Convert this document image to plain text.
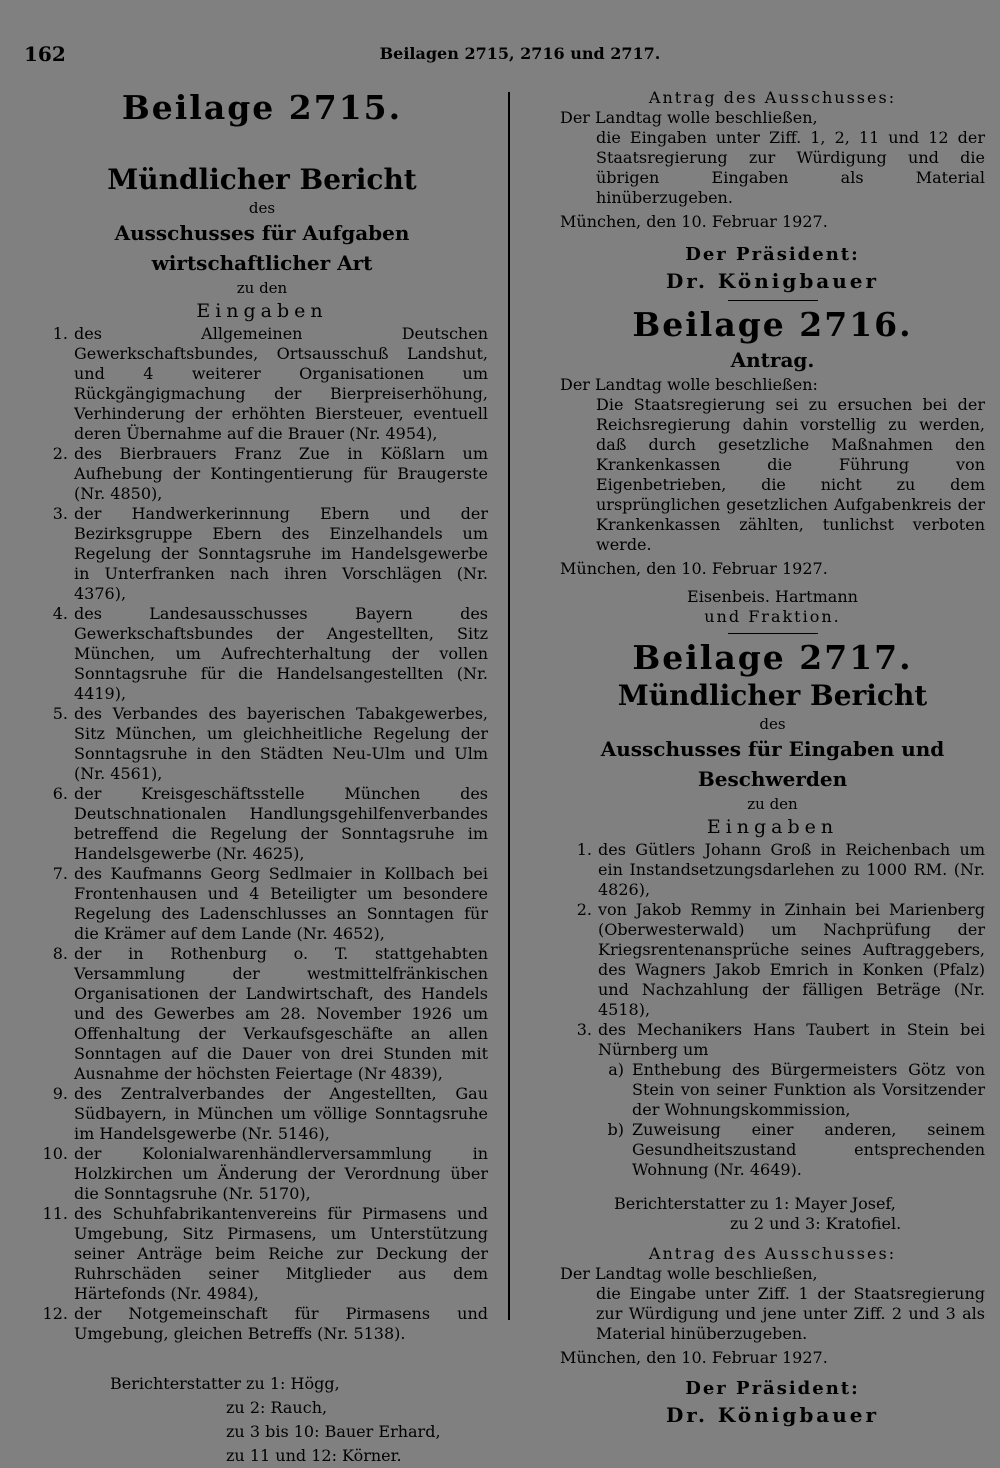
162	Beilagen 2715, 2716 und 2717.
Beilage 2715.
Mündlicher Bericht

des

Ausschusses für Aufgaben wirtschaftlicher Art

zu den

Eingaben

1. des Allgemeinen Deutschen Gewerkschaftsbundes, Ortsausschuß Landshut, und 4 weiterer Organisationen um Rückgängigmachung der Bierpreiserhöhung, Verhinderung der erhöhten Biersteuer, eventuell deren Übernahme auf die Brauer (Nr. 4954),
2. des Bierbrauers Franz Zue in Kößlarn um Aufhebung der Kontingentierung für Braugerste (Nr. 4850),
3. der Handwerkerinnung Ebern und der Bezirksgruppe Ebern des Einzelhandels um Regelung der Sonntagsruhe im Handelsgewerbe in Unterfranken nach ihren Vorschlägen (Nr. 4376),
4. des Landesausschusses Bayern des Gewerkschaftsbundes der Angestellten, Sitz München, um Aufrechterhaltung der vollen Sonntagsruhe für die Handelsangestellten (Nr. 4419),
5. des Verbandes des bayerischen Tabakgewerbes, Sitz München, um gleichheitliche Regelung der Sonntagsruhe in den Städten Neu-Ulm und Ulm (Nr. 4561),
6. der Kreisgeschäftsstelle München des Deutschnationalen Handlungsgehilfenverbandes betreffend die Regelung der Sonntagsruhe im Handelsgewerbe (Nr. 4625),
7. des Kaufmanns Georg Sedlmaier in Kollbach bei Frontenhausen und 4 Beteiligter um besondere Regelung des Ladenschlusses an Sonntagen für die Krämer auf dem Lande (Nr. 4652),
8. der in Rothenburg o. T. stattgehabten Versammlung der westmittelfränkischen Organisationen der Landwirtschaft, des Handels und des Gewerbes am 28. November 1926 um Offenhaltung der Verkaufsgeschäfte an allen Sonntagen auf die Dauer von drei Stunden mit Ausnahme der höchsten Feiertage (Nr 4839),
9. des Zentralverbandes der Angestellten, Gau Südbayern, in München um völlige Sonntagsruhe im Handelsgewerbe (Nr. 5146),
10. der Kolonialwarenhändlerversammlung in Holzkirchen um Änderung der Verordnung über die Sonntagsruhe (Nr. 5170),
11. des Schuhfabrikantenvereins für Pirmasens und Umgebung, Sitz Pirmasens, um Unterstützung seiner Anträge beim Reiche zur Deckung der Ruhrschäden seiner Mitglieder aus dem Härtefonds (Nr. 4984),
12. der Notgemeinschaft für Pirmasens und Umgebung, gleichen Betreffs (Nr. 5138).
Berichterstatter zu 1: Högg,
zu 2: Rauch,
zu 3 bis 10: Bauer Erhard,
zu 11 und 12: Körner.

Antrag des Ausschusses:

Der Landtag wolle beschließen,

die Eingaben unter Ziff. 1, 2, 11 und 12 der Staatsregierung zur Würdigung und die übrigen Eingaben als Material hinüberzugeben.

München, den 10. Februar 1927.

Der Präsident:

Dr. Königbauer

Beilage 2716.

Antrag.

Der Landtag wolle beschließen:

Die Staatsregierung sei zu ersuchen bei der Reichsregierung dahin vorstellig zu werden, daß durch gesetzliche Maßnahmen den Krankenkassen die Führung von Eigenbetrieben, die nicht zu dem ursprünglichen gesetzlichen Aufgabenkreis der Krankenkassen zählten, tunlichst verboten werde.

München, den 10. Februar 1927.

Eisenbeis. Hartmann

und Fraktion.

Beilage 2717.
Mündlicher Bericht

des

Ausschusses für Eingaben und Beschwerden

zu den

Eingaben

1. des Gütlers Johann Groß in Reichenbach um ein Instandsetzungsdarlehen zu 1000 RM. (Nr. 4826),
2. von Jakob Remmy in Zinhain bei Marienberg (Oberwesterwald) um Nachprüfung der Kriegsrentenansprüche seines Auftraggebers, des Wagners Jakob Emrich in Konken (Pfalz) und Nachzahlung der fälligen Beträge (Nr. 4518),
3. des Mechanikers Hans Taubert in Stein bei Nürnberg um
a) Enthebung des Bürgermeisters Götz von Stein von seiner Funktion als Vorsitzender der Wohnungskommission,
b) Zuweisung einer anderen, seinem Gesundheitszustand entsprechenden Wohnung (Nr. 4649).
Berichterstatter zu 1: Mayer Josef,
zu 2 und 3: Kratofiel.

Antrag des Ausschusses:

Der Landtag wolle beschließen,

die Eingabe unter Ziff. 1 der Staatsregierung zur Würdigung und jene unter Ziff. 2 und 3 als Material hinüberzugeben.

München, den 10. Februar 1927.

Der Präsident:

Dr. Königbauer
